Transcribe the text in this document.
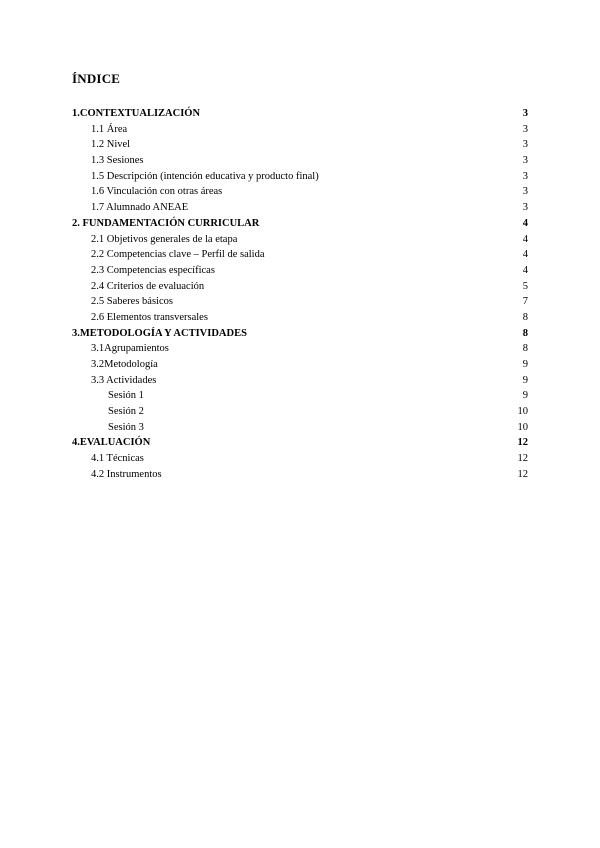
ÍNDICE
1.CONTEXTUALIZACIÓN	3
1.1 Área	3
1.2 Nivel	3
1.3 Sesiones	3
1.5 Descripción (intención educativa y producto final)	3
1.6 Vinculación con otras áreas	3
1.7 Alumnado ANEAE	3
2. FUNDAMENTACIÓN CURRICULAR	4
2.1 Objetivos generales de la etapa	4
2.2 Competencias clave – Perfil de salida	4
2.3 Competencias específicas	4
2.4 Criterios de evaluación	5
2.5 Saberes básicos	7
2.6 Elementos transversales	8
3.METODOLOGÍA Y ACTIVIDADES	8
3.1Agrupamientos	8
3.2Metodología	9
3.3 Actividades	9
Sesión 1	9
Sesión 2	10
Sesión 3	10
4.EVALUACIÓN	12
4.1 Técnicas	12
4.2 Instrumentos	12
